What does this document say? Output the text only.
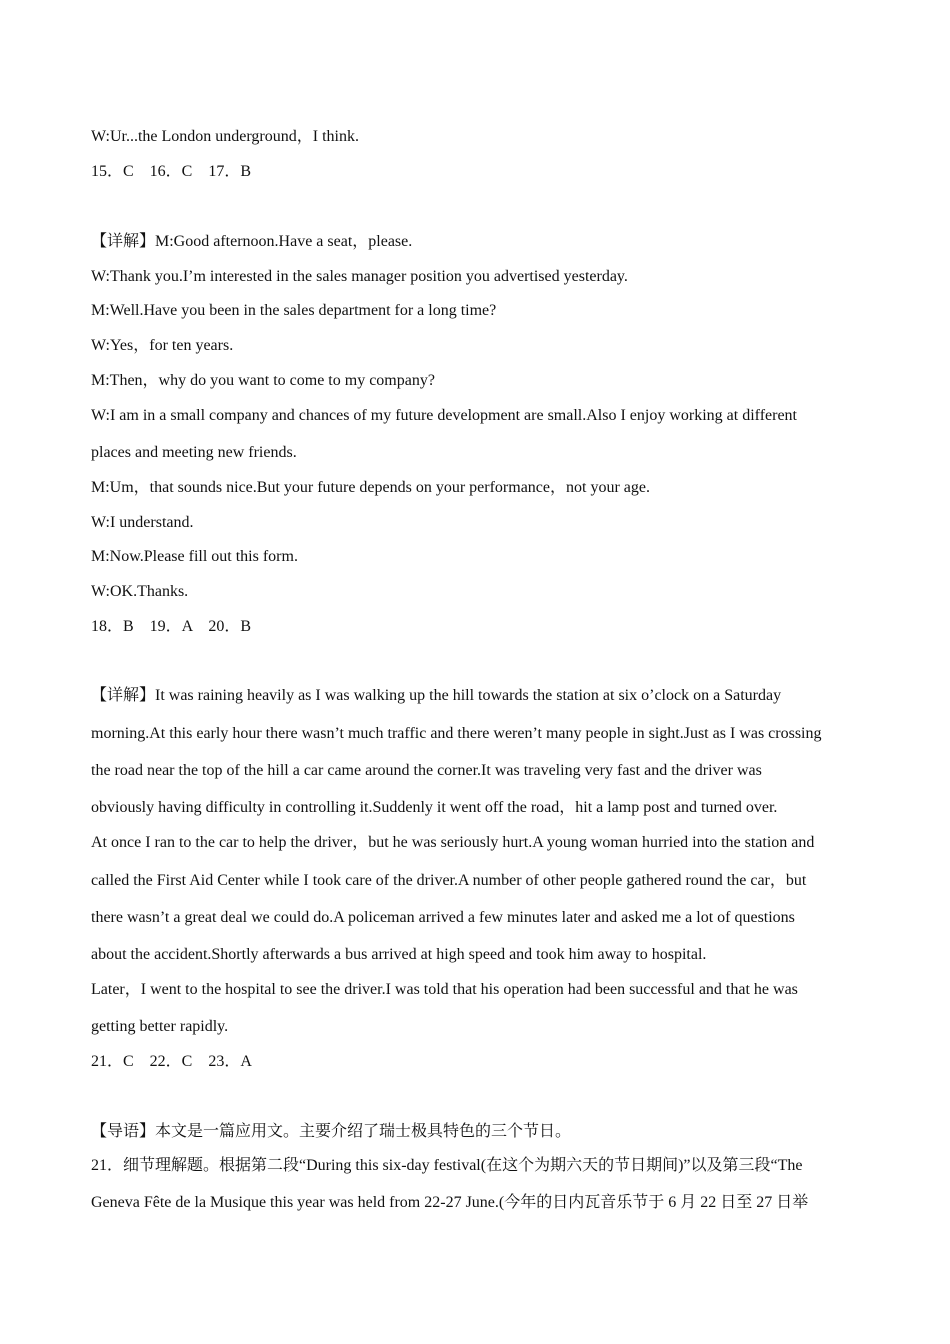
W:Ur...the London underground，I think.
15．C　16．C　17．B
【详解】M:Good afternoon.Have a seat，please.
W:Thank you.I’m interested in the sales manager position you advertised yesterday.
M:Well.Have you been in the sales department for a long time?
W:Yes，for ten years.
M:Then，why do you want to come to my company?
W:I am in a small company and chances of my future development are small.Also I enjoy working at different
places and meeting new friends.
M:Um，that sounds nice.But your future depends on your performance，not your age.
W:I understand.
M:Now.Please fill out this form.
W:OK.Thanks.
18．B　19．A　20．B
【详解】It was raining heavily as I was walking up the hill towards the station at six o’clock on a Saturday
morning.At this early hour there wasn’t much traffic and there weren’t many people in sight.Just as I was crossing
the road near the top of the hill a car came around the corner.It was traveling very fast and the driver was
obviously having difficulty in controlling it.Suddenly it went off the road，hit a lamp post and turned over.
At once I ran to the car to help the driver，but he was seriously hurt.A young woman hurried into the station and
called the First Aid Center while I took care of the driver.A number of other people gathered round the car，but
there wasn’t a great deal we could do.A policeman arrived a few minutes later and asked me a lot of questions
about the accident.Shortly afterwards a bus arrived at high speed and took him away to hospital.
Later，I went to the hospital to see the driver.I was told that his operation had been successful and that he was
getting better rapidly.
21．C　22．C　23．A
【导语】本文是一篇应用文。主要介绍了瑞士极具特色的三个节日。
21．细节理解题。根据第二段“During this six-day festival(在这个为期六天的节日期间)”以及第三段“The
Geneva Fête de la Musique this year was held from 22-27 June.(今年的日内瓦音乐节于 6 月 22 日至 27 日举
